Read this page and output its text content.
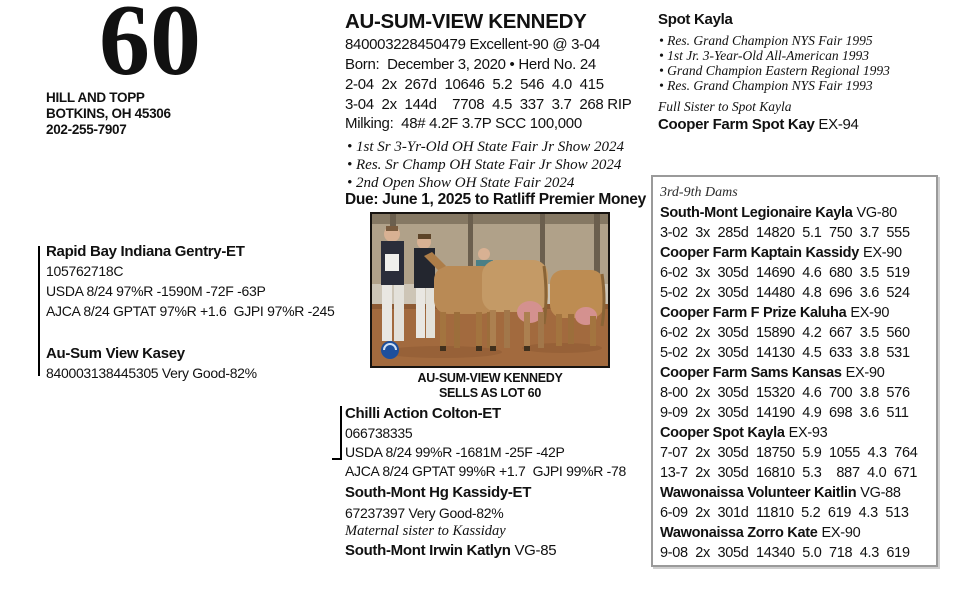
60
HILL AND TOPP
BOTKINS, OH 45306
202-255-7907
Rapid Bay Indiana Gentry-ET
105762718C
USDA 8/24 97%R -1590M -72F -63P
AJCA 8/24 GPTAT 97%R +1.6  GJPI 97%R -245
Au-Sum View Kasey
840003138445305 Very Good-82%
AU-SUM-VIEW KENNEDY
840003228450479 Excellent-90 @ 3-04
Born:  December 3, 2020 • Herd No. 24
2-04  2x  267d  10646  5.2  546  4.0  415
3-04  2x  144d    7708  4.5  337  3.7  268 RIP
Milking:  48# 4.2F 3.7P SCC 100,000
• 1st Sr 3-Yr-Old OH State Fair Jr Show 2024
• Res. Sr Champ OH State Fair Jr Show 2024
• 2nd Open Show OH State Fair 2024
Due: June 1, 2025 to Ratliff Premier Money
AU-SUM-VIEW KENNEDY
SELLS AS LOT 60
Chilli Action Colton-ET
066738335
USDA 8/24 99%R -1681M -25F -42P
AJCA 8/24 GPTAT 99%R +1.7  GJPI 99%R -78
South-Mont Hg Kassidy-ET
67237397 Very Good-82%
Maternal sister to Kassiday
South-Mont Irwin Katlyn VG-85
Spot Kayla
• Res. Grand Champion NYS Fair 1995
• 1st Jr. 3-Year-Old All-American 1993
• Grand Champion Eastern Regional 1993
• Res. Grand Champion NYS Fair 1993
Full Sister to Spot Kayla
Cooper Farm Spot Kay EX-94
3rd-9th Dams
South-Mont Legionaire Kayla VG-80
3-02  3x  285d  14820  5.1  750  3.7  555
Cooper Farm Kaptain Kassidy EX-90
6-02  3x  305d  14690  4.6  680  3.5  519
5-02  2x  305d  14480  4.8  696  3.6  524
Cooper Farm F Prize Kaluha EX-90
6-02  2x  305d  15890  4.2  667  3.5  560
5-02  2x  305d  14130  4.5  633  3.8  531
Cooper Farm Sams Kansas EX-90
8-00  2x  305d  15320  4.6  700  3.8  576
9-09  2x  305d  14190  4.9  698  3.6  511
Cooper Spot Kayla EX-93
7-07  2x  305d  18750  5.9  1055  4.3  764
13-7  2x  305d  16810  5.3    887  4.0  671
Wawonaissa Volunteer Kaitlin VG-88
6-09  2x  301d  11810  5.2  619  4.3  513
Wawonaissa Zorro Kate EX-90
9-08  2x  305d  14340  5.0  718  4.3  619
